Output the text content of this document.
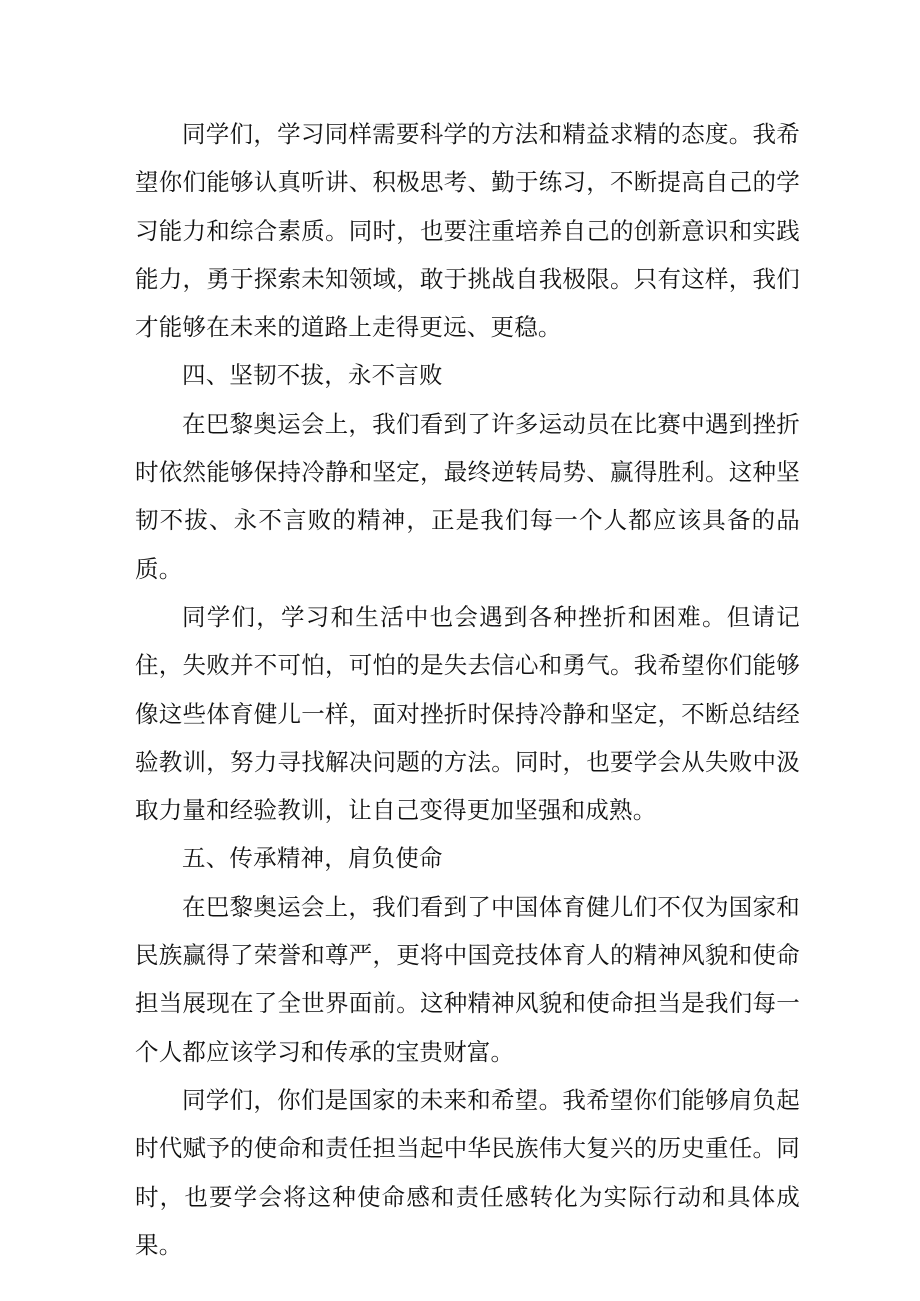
同学们，学习同样需要科学的方法和精益求精的态度。我希望你们能够认真听讲、积极思考、勤于练习，不断提高自己的学习能力和综合素质。同时，也要注重培养自己的创新意识和实践能力，勇于探索未知领域，敢于挑战自我极限。只有这样，我们才能够在未来的道路上走得更远、更稳。

四、坚韧不拔，永不言败

在巴黎奥运会上，我们看到了许多运动员在比赛中遇到挫折时依然能够保持冷静和坚定，最终逆转局势、赢得胜利。这种坚韧不拔、永不言败的精神，正是我们每一个人都应该具备的品质。

同学们，学习和生活中也会遇到各种挫折和困难。但请记住，失败并不可怕，可怕的是失去信心和勇气。我希望你们能够像这些体育健儿一样，面对挫折时保持冷静和坚定，不断总结经验教训，努力寻找解决问题的方法。同时，也要学会从失败中汲取力量和经验教训，让自己变得更加坚强和成熟。

五、传承精神，肩负使命

在巴黎奥运会上，我们看到了中国体育健儿们不仅为国家和民族赢得了荣誉和尊严，更将中国竞技体育人的精神风貌和使命担当展现在了全世界面前。这种精神风貌和使命担当是我们每一个人都应该学习和传承的宝贵财富。

同学们，你们是国家的未来和希望。我希望你们能够肩负起时代赋予的使命和责任担当起中华民族伟大复兴的历史重任。同时，也要学会将这种使命感和责任感转化为实际行动和具体成果。
